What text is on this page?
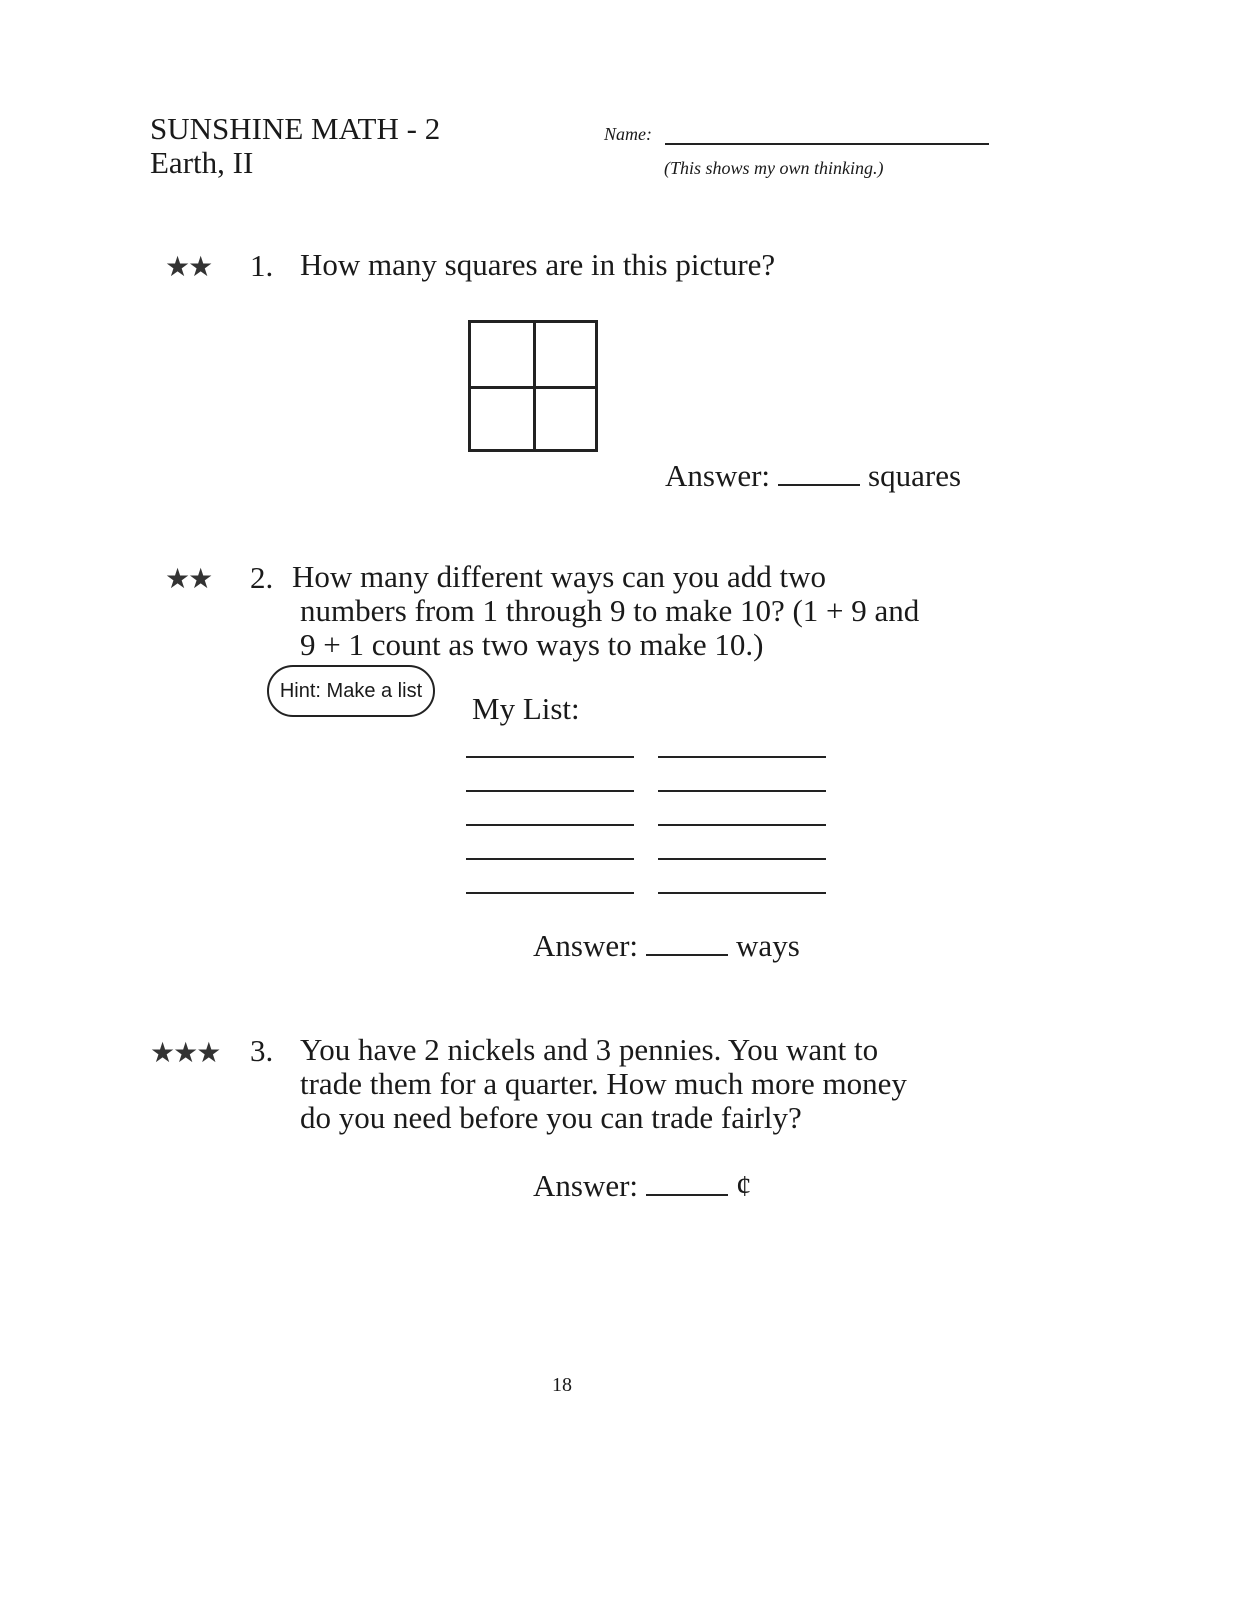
SUNSHINE MATH - 2
Earth, II
Name:
(This shows my own thinking.)
★★ 1. How many squares are in this picture?
Answer:	squares
★★ 2. How many different ways can you add two
numbers from 1 through 9 to make 10? (1 + 9 and
9 + 1 count as two ways to make 10.)
Hint: Make a list	My List:
Answer:	ways
★★★ 3. You have 2 nickels and 3 pennies. You want to
trade them for a quarter. How much more money
do you need before you can trade fairly?
Answer:	¢
18
